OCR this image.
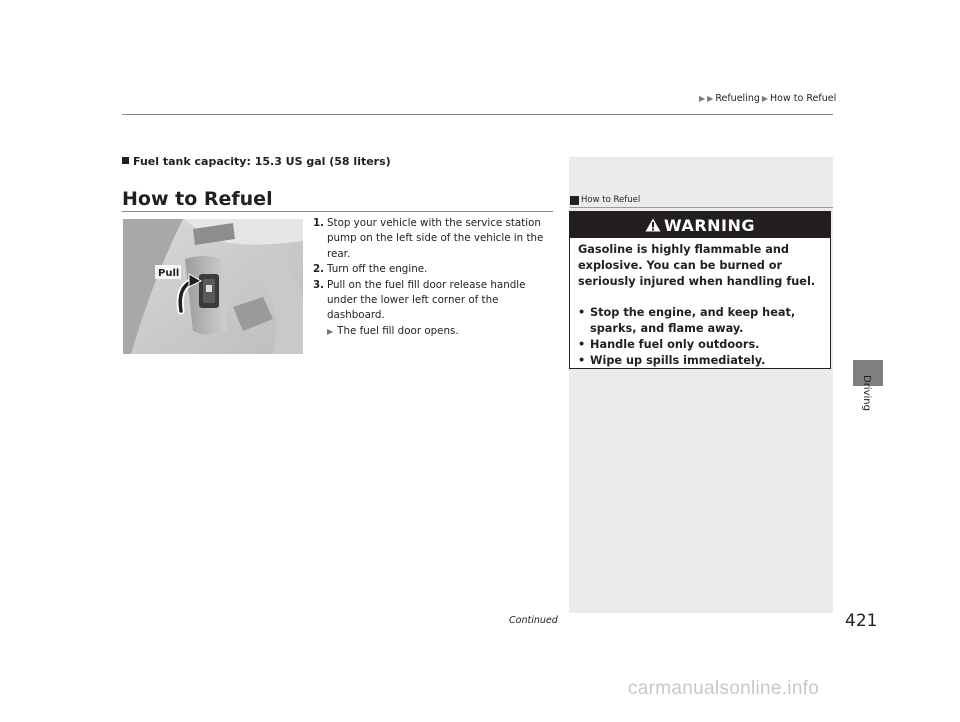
▶ ▶ Refueling ▶ How to Refuel
Driving
Fuel tank capacity: 15.3 US gal (58 liters)
How to Refuel
Pull
1. Stop your vehicle with the service station pump on the left side of the vehicle in the rear.
2. Turn off the engine.
3. Pull on the fuel fill door release handle under the lower left corner of the dashboard.
▶ The fuel fill door opens.
How to Refuel
WARNING

Gasoline is highly flammable and explosive. You can be burned or seriously injured when handling fuel.

• Stop the engine, and keep heat, sparks, and flame away.
• Handle fuel only outdoors.
• Wipe up spills immediately.
Continued	421
carmanualsonline.info
